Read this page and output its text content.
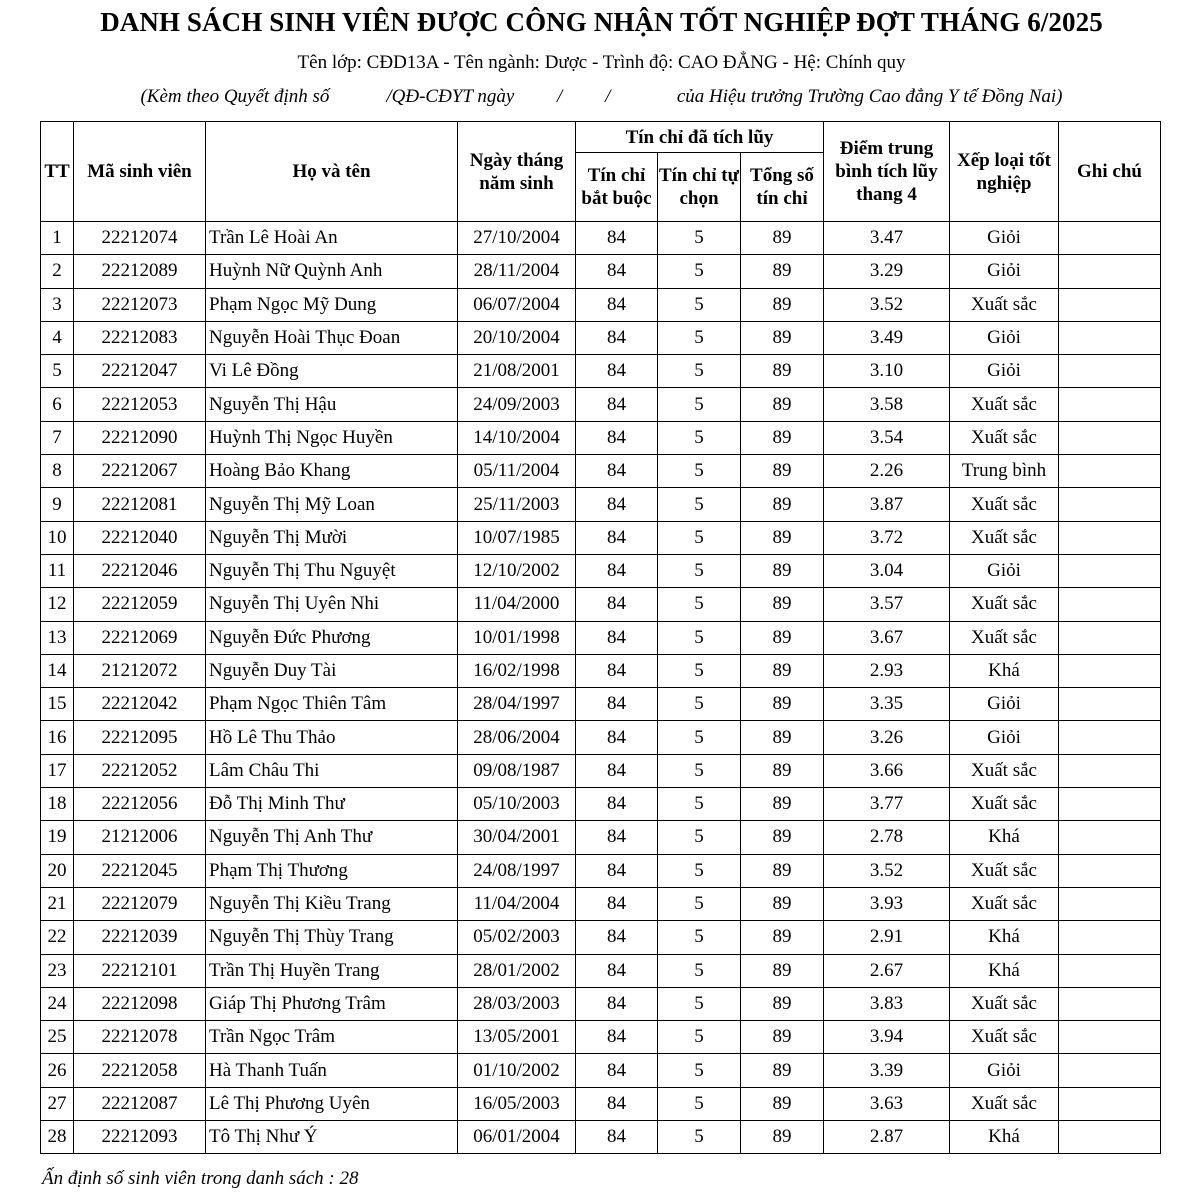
DANH SÁCH SINH VIÊN ĐƯỢC CÔNG NHẬN TỐT NGHIỆP ĐỢT THÁNG 6/2025
Tên lớp: CĐD13A - Tên ngành: Dược - Trình độ: CAO ĐẲNG - Hệ: Chính quy
(Kèm theo Quyết định số            /QĐ-CĐYT ngày         /         /              của Hiệu trưởng Trường Cao đẳng Y tế Đồng Nai)
TT	Mã sinh viên	Họ và tên	Ngày tháng năm sinh	Tín chỉ đã tích lũy			Điểm trung bình tích lũy thang 4	Xếp loại tốt nghiệp	Ghi chú
				Tín chỉ bắt buộc	Tín chỉ tự chọn	Tổng số tín chỉ			
1	22212074	Trần Lê Hoài An	27/10/2004	84	5	89	3.47	Giỏi	
2	22212089	Huỳnh Nữ Quỳnh Anh	28/11/2004	84	5	89	3.29	Giỏi	
3	22212073	Phạm Ngọc Mỹ Dung	06/07/2004	84	5	89	3.52	Xuất sắc	
4	22212083	Nguyễn Hoài Thục Đoan	20/10/2004	84	5	89	3.49	Giỏi	
5	22212047	Vi Lê Đồng	21/08/2001	84	5	89	3.10	Giỏi	
6	22212053	Nguyễn Thị Hậu	24/09/2003	84	5	89	3.58	Xuất sắc	
7	22212090	Huỳnh Thị Ngọc Huyền	14/10/2004	84	5	89	3.54	Xuất sắc	
8	22212067	Hoàng Bảo Khang	05/11/2004	84	5	89	2.26	Trung bình	
9	22212081	Nguyễn Thị Mỹ Loan	25/11/2003	84	5	89	3.87	Xuất sắc	
10	22212040	Nguyễn Thị Mười	10/07/1985	84	5	89	3.72	Xuất sắc	
11	22212046	Nguyễn Thị Thu Nguyệt	12/10/2002	84	5	89	3.04	Giỏi	
12	22212059	Nguyễn Thị Uyên Nhi	11/04/2000	84	5	89	3.57	Xuất sắc	
13	22212069	Nguyễn Đức Phương	10/01/1998	84	5	89	3.67	Xuất sắc	
14	21212072	Nguyễn Duy Tài	16/02/1998	84	5	89	2.93	Khá	
15	22212042	Phạm Ngọc Thiên Tâm	28/04/1997	84	5	89	3.35	Giỏi	
16	22212095	Hồ Lê Thu Thảo	28/06/2004	84	5	89	3.26	Giỏi	
17	22212052	Lâm Châu Thi	09/08/1987	84	5	89	3.66	Xuất sắc	
18	22212056	Đỗ Thị Minh Thư	05/10/2003	84	5	89	3.77	Xuất sắc	
19	21212006	Nguyễn Thị Anh Thư	30/04/2001	84	5	89	2.78	Khá	
20	22212045	Phạm Thị Thương	24/08/1997	84	5	89	3.52	Xuất sắc	
21	22212079	Nguyễn Thị Kiều Trang	11/04/2004	84	5	89	3.93	Xuất sắc	
22	22212039	Nguyễn Thị Thùy Trang	05/02/2003	84	5	89	2.91	Khá	
23	22212101	Trần Thị Huyền Trang	28/01/2002	84	5	89	2.67	Khá	
24	22212098	Giáp Thị Phương Trâm	28/03/2003	84	5	89	3.83	Xuất sắc	
25	22212078	Trần Ngọc Trâm	13/05/2001	84	5	89	3.94	Xuất sắc	
26	22212058	Hà Thanh Tuấn	01/10/2002	84	5	89	3.39	Giỏi	
27	22212087	Lê Thị Phương Uyên	16/05/2003	84	5	89	3.63	Xuất sắc	
28	22212093	Tô Thị Như Ý	06/01/2004	84	5	89	2.87	Khá	
Ấn định số sinh viên trong danh sách : 28
